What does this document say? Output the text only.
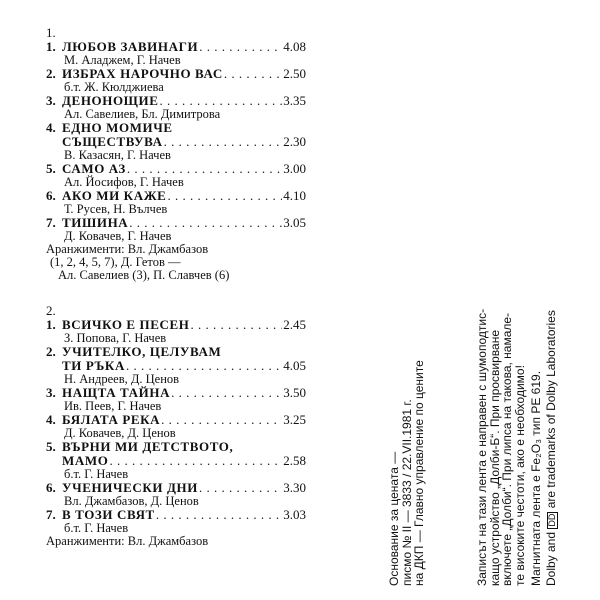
1.
1. ЛЮБОВ ЗАВИНАГИ . . .	4.08
М. Аладжем, Г. Начев
2. ИЗБРАХ НАРОЧНО ВАС . . .	2.50
б.т. Ж. Кюлджиева
3. ДЕНОНОЩИЕ . . .	3.35
Ал. Савелиев, Бл. Димитрова
4. ЕДНО МОМИЧЕ
СЪЩЕСТВУВА . . .	2.30
В. Казасян, Г. Начев
5. САМО АЗ . . .	3.00
Ал. Йосифов, Г. Начев
6. АКО МИ КАЖЕ . . .	4.10
Т. Русев, Н. Вълчев
7. ТИШИНА . . .	3.05
Д. Ковачев, Г. Начев
Аранжименти: Вл. Джамбазов
(1, 2, 4, 5, 7), Д. Гетов —
Ал. Савелиев (3), П. Славчев (6)
2.
1. ВСИЧКО Е ПЕСЕН . . .	2.45
З. Попова, Г. Начев
2. УЧИТЕЛКО, ЦЕЛУВАМ
ТИ РЪКА . . .	4.05
Н. Андреев, Д. Ценов
3. НАЩТА ТАЙНА . . .	3.50
Ив. Пеев, Г. Начев
4. БЯЛАТА РЕКА . . .	3.25
Д. Ковачев, Д. Ценов
5. ВЪРНИ МИ ДЕТСТВОТО,
МАМО . . .	2.58
б.т. Г. Начев
6. УЧЕНИЧЕСКИ ДНИ . . .	3.30
Вл. Джамбазов, Д. Ценов
7. В ТОЗИ СВЯТ . . .	3.03
б.т. Г. Начев
Аранжименти: Вл. Джамбазов	Основание за цената —
писмо № II — 3833 / 22.VII.1981 г.
на ДКП — Главно управление по цените	Записът на тази лента е направен с шумоподтис-
кащо устройство „Долби-Б“. При просвирване
включете „Долби“. При липса на такова, намале-
те високите честоти, ако е необходимо! Магнитната лента е Fe₂O₃ тип PE 619. Dolby and DD are trademarks of Dolby Laboratories
